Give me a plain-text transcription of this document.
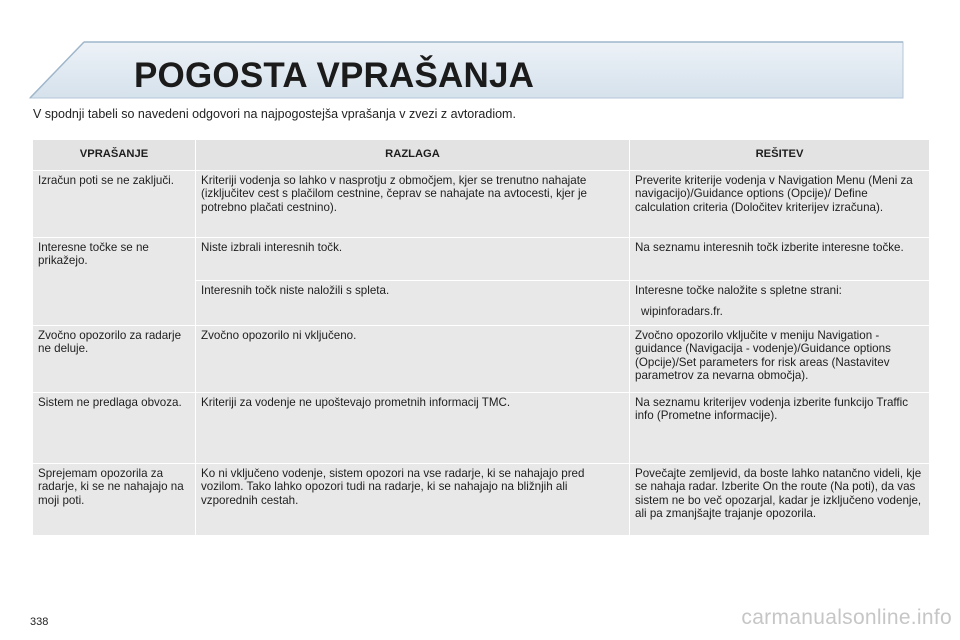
POGOSTA VPRAŠANJA

V spodnji tabeli so navedeni odgovori na najpogostejša vprašanja v zvezi z avtoradiom.

VPRAŠANJE	RAZLAGA	REŠITEV
Izračun poti se ne zaključi.	Kriteriji vodenja so lahko v nasprotju z območjem, kjer se trenutno nahajate (izključitev cest s plačilom cestnine, čeprav se nahajate na avtocesti, kjer je potrebno plačati cestnino).	Preverite kriterije vodenja v Navigation Menu (Meni za navigacijo)/Guidance options (Opcije)/ Define calculation criteria (Določitev kriterijev izračuna).
Interesne točke se ne prikažejo.	Niste izbrali interesnih točk.	Na seznamu interesnih točk izberite interesne točke.
	Interesnih točk niste naložili s spleta.	Interesne točke naložite s spletne strani:
wipinforadars.fr.

Zvočno opozorilo za radarje ne deluje.	Zvočno opozorilo ni vključeno.	Zvočno opozorilo vključite v meniju Navigation - guidance (Navigacija - vodenje)/Guidance options (Opcije)/Set parameters for risk areas (Nastavitev parametrov za nevarna območja).
Sistem ne predlaga obvoza.	Kriteriji za vodenje ne upoštevajo prometnih informacij TMC.	Na seznamu kriterijev vodenja izberite funkcijo Traffic info (Prometne informacije).
Sprejemam opozorila za radarje, ki se ne nahajajo na moji poti.	Ko ni vključeno vodenje, sistem opozori na vse radarje, ki se nahajajo pred vozilom. Tako lahko opozori tudi na radarje, ki se nahajajo na bližnjih ali vzporednih cestah.	Povečajte zemljevid, da boste lahko natančno videli, kje se nahaja radar. Izberite On the route (Na poti), da vas sistem ne bo več opozarjal, kadar je izključeno vodenje, ali pa zmanjšajte trajanje opozorila.
338	carmanualsonline.info
